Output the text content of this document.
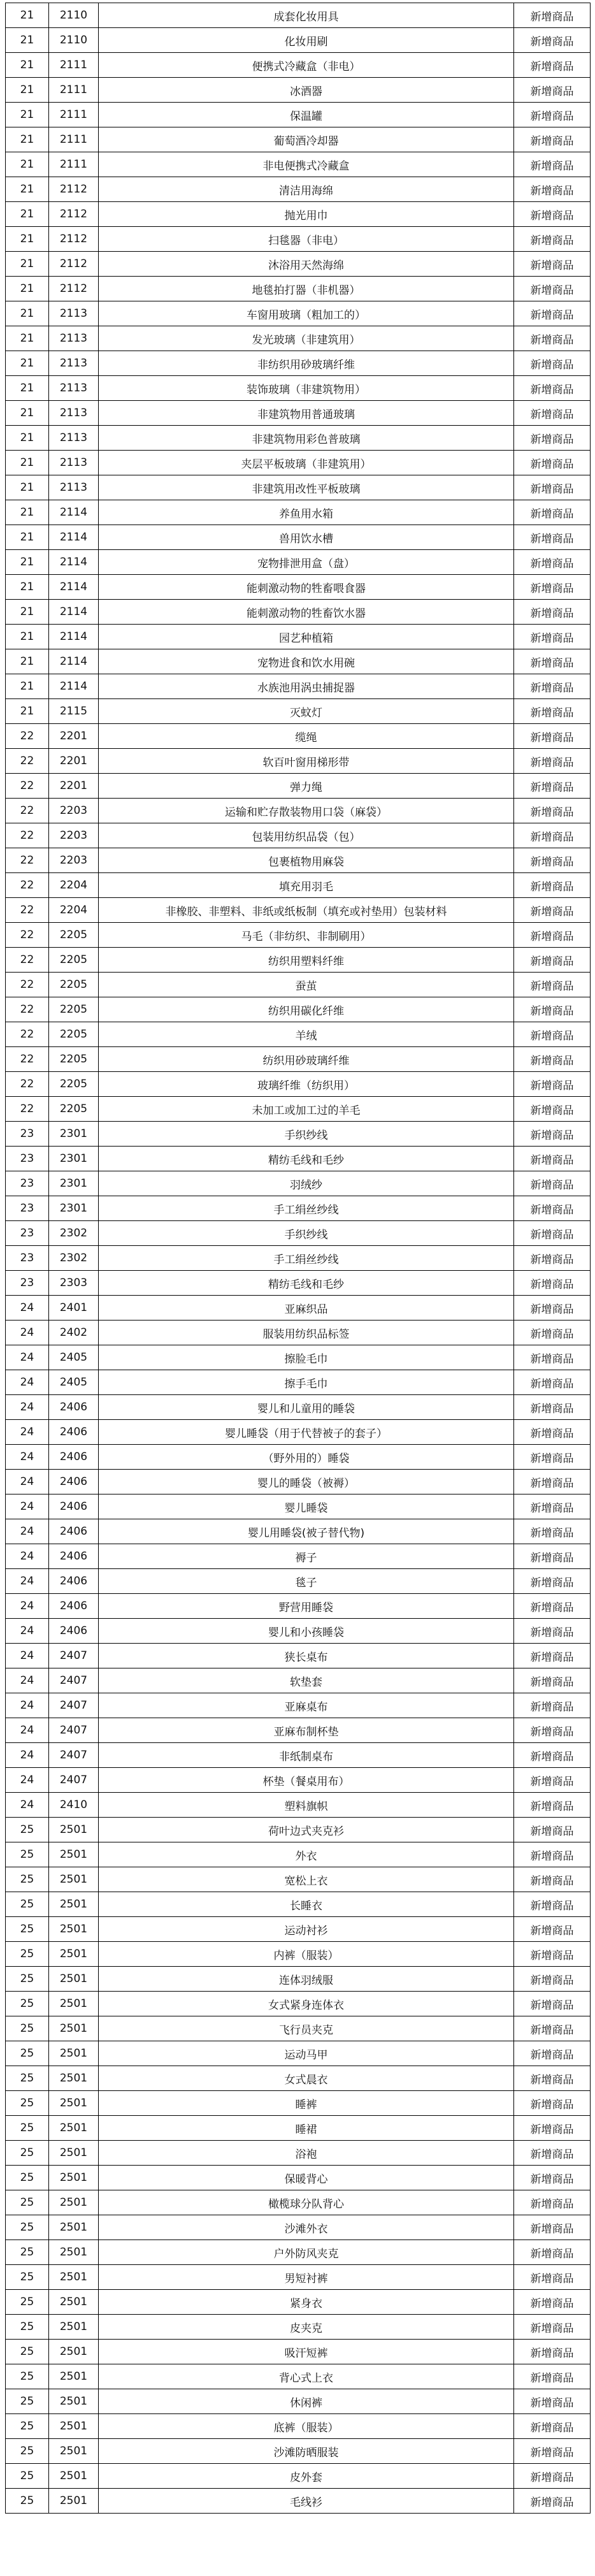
21	2110	成套化妆用具	新增商品
21	2110	化妆用刷	新增商品
21	2111	便携式冷藏盒（非电）	新增商品
21	2111	冰酒器	新增商品
21	2111	保温罐	新增商品
21	2111	葡萄酒冷却器	新增商品
21	2111	非电便携式冷藏盒	新增商品
21	2112	清洁用海绵	新增商品
21	2112	抛光用巾	新增商品
21	2112	扫毯器（非电）	新增商品
21	2112	沐浴用天然海绵	新增商品
21	2112	地毯拍打器（非机器）	新增商品
21	2113	车窗用玻璃（粗加工的）	新增商品
21	2113	发光玻璃（非建筑用）	新增商品
21	2113	非纺织用砂玻璃纤维	新增商品
21	2113	装饰玻璃（非建筑物用）	新增商品
21	2113	非建筑物用普通玻璃	新增商品
21	2113	非建筑物用彩色普玻璃	新增商品
21	2113	夹层平板玻璃（非建筑用）	新增商品
21	2113	非建筑用改性平板玻璃	新增商品
21	2114	养鱼用水箱	新增商品
21	2114	兽用饮水槽	新增商品
21	2114	宠物排泄用盒（盘）	新增商品
21	2114	能刺激动物的牲畜喂食器	新增商品
21	2114	能刺激动物的牲畜饮水器	新增商品
21	2114	园艺种植箱	新增商品
21	2114	宠物进食和饮水用碗	新增商品
21	2114	水族池用涡虫捕捉器	新增商品
21	2115	灭蚊灯	新增商品
22	2201	缆绳	新增商品
22	2201	软百叶窗用梯形带	新增商品
22	2201	弹力绳	新增商品
22	2203	运输和贮存散装物用口袋（麻袋）	新增商品
22	2203	包装用纺织品袋（包）	新增商品
22	2203	包裹植物用麻袋	新增商品
22	2204	填充用羽毛	新增商品
22	2204	非橡胶、非塑料、非纸或纸板制（填充或衬垫用）包装材料	新增商品
22	2205	马毛（非纺织、非制刷用）	新增商品
22	2205	纺织用塑料纤维	新增商品
22	2205	蚕茧	新增商品
22	2205	纺织用碳化纤维	新增商品
22	2205	羊绒	新增商品
22	2205	纺织用砂玻璃纤维	新增商品
22	2205	玻璃纤维（纺织用）	新增商品
22	2205	未加工或加工过的羊毛	新增商品
23	2301	手织纱线	新增商品
23	2301	精纺毛线和毛纱	新增商品
23	2301	羽绒纱	新增商品
23	2301	手工绢丝纱线	新增商品
23	2302	手织纱线	新增商品
23	2302	手工绢丝纱线	新增商品
23	2303	精纺毛线和毛纱	新增商品
24	2401	亚麻织品	新增商品
24	2402	服装用纺织品标签	新增商品
24	2405	擦脸毛巾	新增商品
24	2405	擦手毛巾	新增商品
24	2406	婴儿和儿童用的睡袋	新增商品
24	2406	婴儿睡袋（用于代替被子的套子）	新增商品
24	2406	（野外用的）睡袋	新增商品
24	2406	婴儿的睡袋（被褥）	新增商品
24	2406	婴儿睡袋	新增商品
24	2406	婴儿用睡袋(被子替代物)	新增商品
24	2406	褥子	新增商品
24	2406	毯子	新增商品
24	2406	野营用睡袋	新增商品
24	2406	婴儿和小孩睡袋	新增商品
24	2407	狭长桌布	新增商品
24	2407	软垫套	新增商品
24	2407	亚麻桌布	新增商品
24	2407	亚麻布制杯垫	新增商品
24	2407	非纸制桌布	新增商品
24	2407	杯垫（餐桌用布）	新增商品
24	2410	塑料旗帜	新增商品
25	2501	荷叶边式夹克衫	新增商品
25	2501	外衣	新增商品
25	2501	宽松上衣	新增商品
25	2501	长睡衣	新增商品
25	2501	运动衬衫	新增商品
25	2501	内裤（服装）	新增商品
25	2501	连体羽绒服	新增商品
25	2501	女式紧身连体衣	新增商品
25	2501	飞行员夹克	新增商品
25	2501	运动马甲	新增商品
25	2501	女式晨衣	新增商品
25	2501	睡裤	新增商品
25	2501	睡裙	新增商品
25	2501	浴袍	新增商品
25	2501	保暖背心	新增商品
25	2501	橄榄球分队背心	新增商品
25	2501	沙滩外衣	新增商品
25	2501	户外防风夹克	新增商品
25	2501	男短衬裤	新增商品
25	2501	紧身衣	新增商品
25	2501	皮夹克	新增商品
25	2501	吸汗短裤	新增商品
25	2501	背心式上衣	新增商品
25	2501	休闲裤	新增商品
25	2501	底裤（服装）	新增商品
25	2501	沙滩防晒服装	新增商品
25	2501	皮外套	新增商品
25	2501	毛线衫	新增商品
